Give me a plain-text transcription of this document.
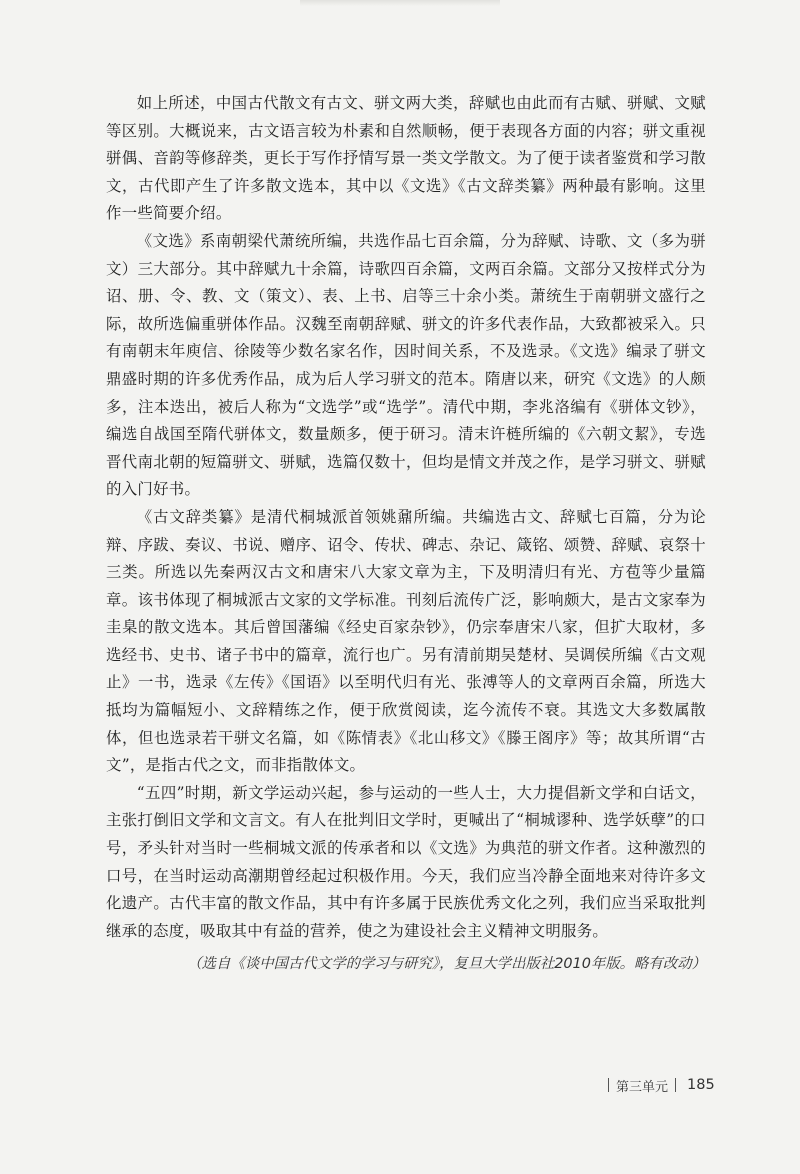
如上所述，中国古代散文有古文、骈文两大类，辞赋也由此而有古赋、骈赋、文赋等区别。大概说来，古文语言较为朴素和自然顺畅，便于表现各方面的内容；骈文重视骈偶、音韵等修辞类，更长于写作抒情写景一类文学散文。为了便于读者鉴赏和学习散文，古代即产生了许多散文选本，其中以《文选》《古文辞类纂》两种最有影响。这里作一些简要介绍。

《文选》系南朝梁代萧统所编，共选作品七百余篇，分为辞赋、诗歌、文（多为骈文）三大部分。其中辞赋九十余篇，诗歌四百余篇，文两百余篇。文部分又按样式分为诏、册、令、教、文（策文）、表、上书、启等三十余小类。萧统生于南朝骈文盛行之际，故所选偏重骈体作品。汉魏至南朝辞赋、骈文的许多代表作品，大致都被采入。只有南朝末年庾信、徐陵等少数名家名作，因时间关系，不及选录。《文选》编录了骈文鼎盛时期的许多优秀作品，成为后人学习骈文的范本。隋唐以来，研究《文选》的人颇多，注本迭出，被后人称为“文选学”或“选学”。清代中期，李兆洛编有《骈体文钞》，编选自战国至隋代骈体文，数量颇多，便于研习。清末许梿所编的《六朝文絜》，专选晋代南北朝的短篇骈文、骈赋，选篇仅数十，但均是情文并茂之作，是学习骈文、骈赋的入门好书。

《古文辞类纂》是清代桐城派首领姚鼐所编。共编选古文、辞赋七百篇，分为论辩、序跋、奏议、书说、赠序、诏令、传状、碑志、杂记、箴铭、颂赞、辞赋、哀祭十三类。所选以先秦两汉古文和唐宋八大家文章为主，下及明清归有光、方苞等少量篇章。该书体现了桐城派古文家的文学标准。刊刻后流传广泛，影响颇大，是古文家奉为圭臬的散文选本。其后曾国藩编《经史百家杂钞》，仍宗奉唐宋八家，但扩大取材，多选经书、史书、诸子书中的篇章，流行也广。另有清前期吴楚材、吴调侯所编《古文观止》一书，选录《左传》《国语》以至明代归有光、张溥等人的文章两百余篇，所选大抵均为篇幅短小、文辞精练之作，便于欣赏阅读，迄今流传不衰。其选文大多数属散体，但也选录若干骈文名篇，如《陈情表》《北山移文》《滕王阁序》等；故其所谓“古文”，是指古代之文，而非指散体文。

“五四”时期，新文学运动兴起，参与运动的一些人士，大力提倡新文学和白话文，主张打倒旧文学和文言文。有人在批判旧文学时，更喊出了“桐城谬种、选学妖孽”的口号，矛头针对当时一些桐城文派的传承者和以《文选》为典范的骈文作者。这种激烈的口号，在当时运动高潮期曾经起过积极作用。今天，我们应当冷静全面地来对待许多文化遗产。古代丰富的散文作品，其中有许多属于民族优秀文化之列，我们应当采取批判继承的态度，吸取其中有益的营养，使之为建设社会主义精神文明服务。

（选自《谈中国古代文学的学习与研究》，复旦大学出版社2010年版。略有改动）

第三单元 185
